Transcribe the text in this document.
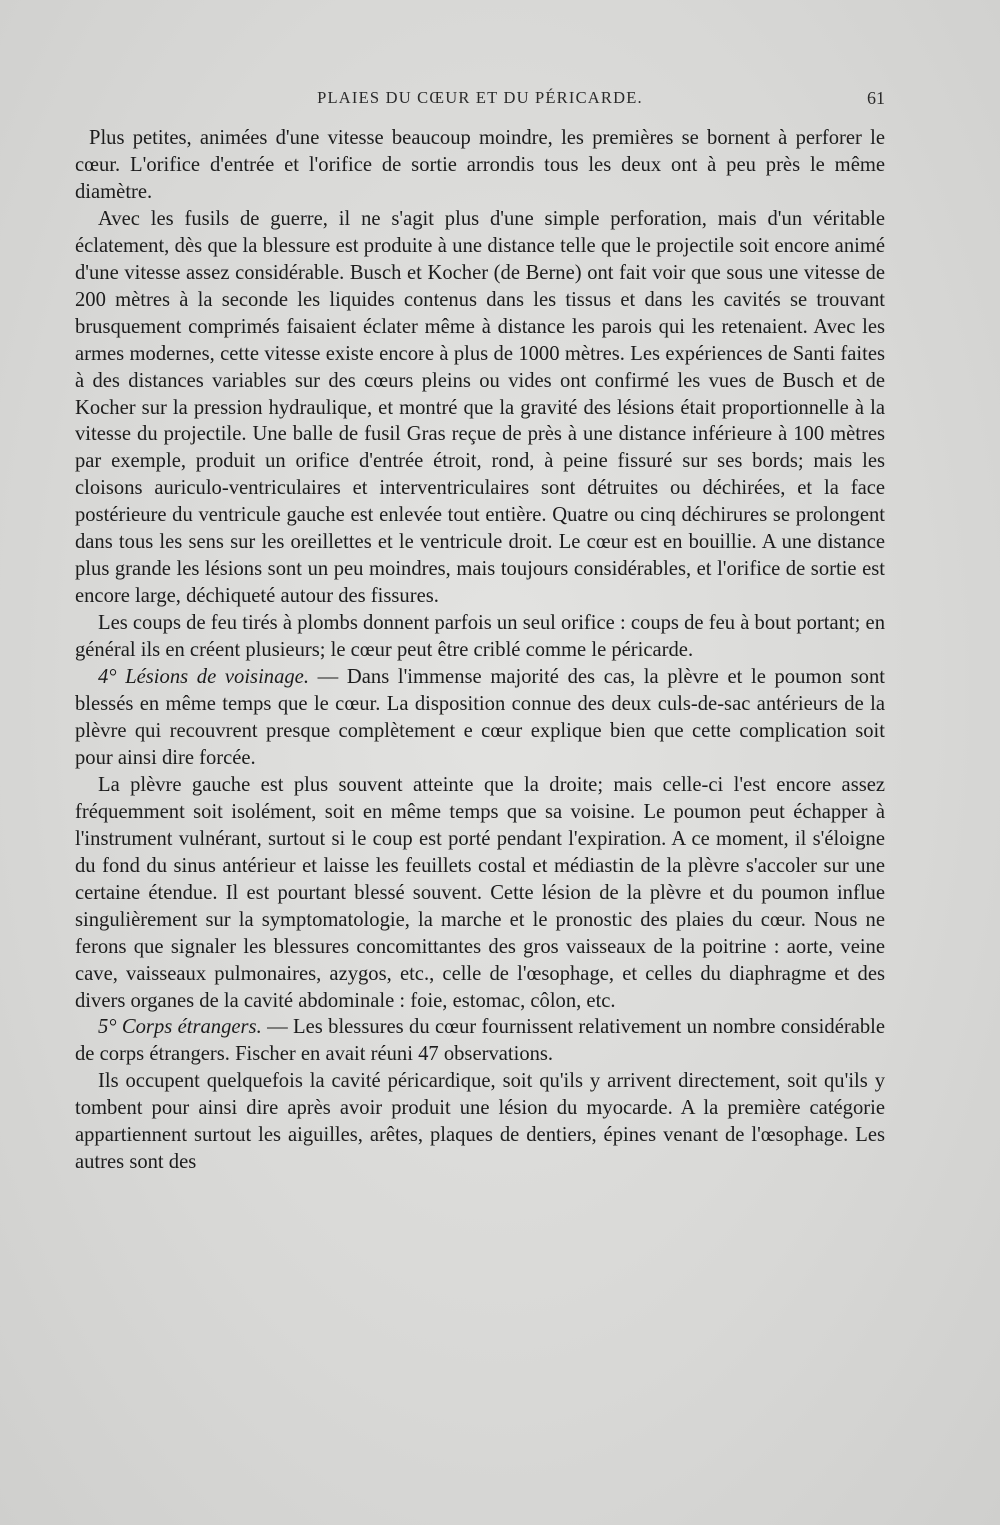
PLAIES DU CŒUR ET DU PÉRICARDE.	61

Plus petites, animées d'une vitesse beaucoup moindre, les premières se bornent à perforer le cœur. L'orifice d'entrée et l'orifice de sortie arrondis tous les deux ont à peu près le même diamètre.

Avec les fusils de guerre, il ne s'agit plus d'une simple perforation, mais d'un véritable éclatement, dès que la blessure est produite à une distance telle que le projectile soit encore animé d'une vitesse assez considérable. Busch et Kocher (de Berne) ont fait voir que sous une vitesse de 200 mètres à la seconde les liquides contenus dans les tissus et dans les cavités se trouvant brusquement comprimés faisaient éclater même à distance les parois qui les retenaient. Avec les armes modernes, cette vitesse existe encore à plus de 1000 mètres. Les expériences de Santi faites à des distances variables sur des cœurs pleins ou vides ont confirmé les vues de Busch et de Kocher sur la pression hydraulique, et montré que la gravité des lésions était proportionnelle à la vitesse du projectile. Une balle de fusil Gras reçue de près à une distance inférieure à 100 mètres par exemple, produit un orifice d'entrée étroit, rond, à peine fissuré sur ses bords; mais les cloisons auriculo-ventriculaires et interventriculaires sont détruites ou déchirées, et la face postérieure du ventricule gauche est enlevée tout entière. Quatre ou cinq déchirures se prolongent dans tous les sens sur les oreillettes et le ventricule droit. Le cœur est en bouillie. A une distance plus grande les lésions sont un peu moindres, mais toujours considérables, et l'orifice de sortie est encore large, déchiqueté autour des fissures.

Les coups de feu tirés à plombs donnent parfois un seul orifice : coups de feu à bout portant; en général ils en créent plusieurs; le cœur peut être criblé comme le péricarde.

4° Lésions de voisinage. — Dans l'immense majorité des cas, la plèvre et le poumon sont blessés en même temps que le cœur. La disposition connue des deux culs-de-sac antérieurs de la plèvre qui recouvrent presque complètement e cœur explique bien que cette complication soit pour ainsi dire forcée.

La plèvre gauche est plus souvent atteinte que la droite; mais celle-ci l'est encore assez fréquemment soit isolément, soit en même temps que sa voisine. Le poumon peut échapper à l'instrument vulnérant, surtout si le coup est porté pendant l'expiration. A ce moment, il s'éloigne du fond du sinus antérieur et laisse les feuillets costal et médiastin de la plèvre s'accoler sur une certaine étendue. Il est pourtant blessé souvent. Cette lésion de la plèvre et du poumon influe singulièrement sur la symptomatologie, la marche et le pronostic des plaies du cœur. Nous ne ferons que signaler les blessures concomittantes des gros vaisseaux de la poitrine : aorte, veine cave, vaisseaux pulmonaires, azygos, etc., celle de l'œsophage, et celles du diaphragme et des divers organes de la cavité abdominale : foie, estomac, côlon, etc.

5° Corps étrangers. — Les blessures du cœur fournissent relativement un nombre considérable de corps étrangers. Fischer en avait réuni 47 observations.

Ils occupent quelquefois la cavité péricardique, soit qu'ils y arrivent directement, soit qu'ils y tombent pour ainsi dire après avoir produit une lésion du myocarde. A la première catégorie appartiennent surtout les aiguilles, arêtes, plaques de dentiers, épines venant de l'œsophage. Les autres sont des
